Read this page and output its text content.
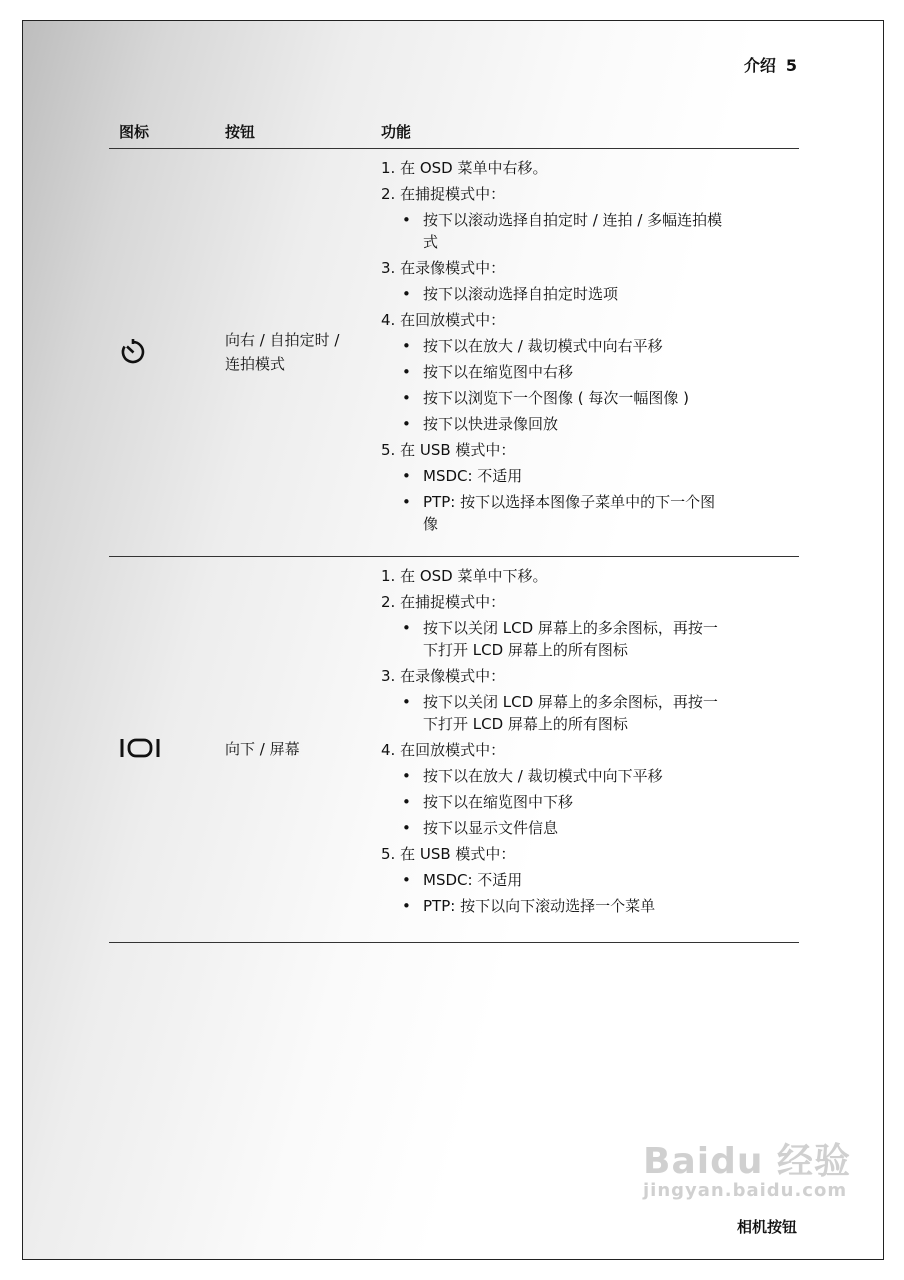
介绍 5
图标	按钮	功能
向右 / 自拍定时 /
连拍模式
1. 在 OSD 菜单中右移。
2. 在捕捉模式中：
• 按下以滚动选择自拍定时 / 连拍 / 多幅连拍模
式
3. 在录像模式中：
• 按下以滚动选择自拍定时选项
4. 在回放模式中：
• 按下以在放大 / 裁切模式中向右平移
• 按下以在缩览图中右移
• 按下以浏览下一个图像 ( 每次一幅图像 )
• 按下以快进录像回放
5. 在 USB 模式中：
• MSDC: 不适用
• PTP: 按下以选择本图像子菜单中的下一个图
像
向下 / 屏幕
1. 在 OSD 菜单中下移。
2. 在捕捉模式中：
• 按下以关闭 LCD 屏幕上的多余图标，再按一
下打开 LCD 屏幕上的所有图标
3. 在录像模式中：
• 按下以关闭 LCD 屏幕上的多余图标，再按一
下打开 LCD 屏幕上的所有图标
4. 在回放模式中：
• 按下以在放大 / 裁切模式中向下平移
• 按下以在缩览图中下移
• 按下以显示文件信息
5. 在 USB 模式中：
• MSDC: 不适用
• PTP: 按下以向下滚动选择一个菜单
Baidu 经验
jingyan.baidu.com
相机按钮
